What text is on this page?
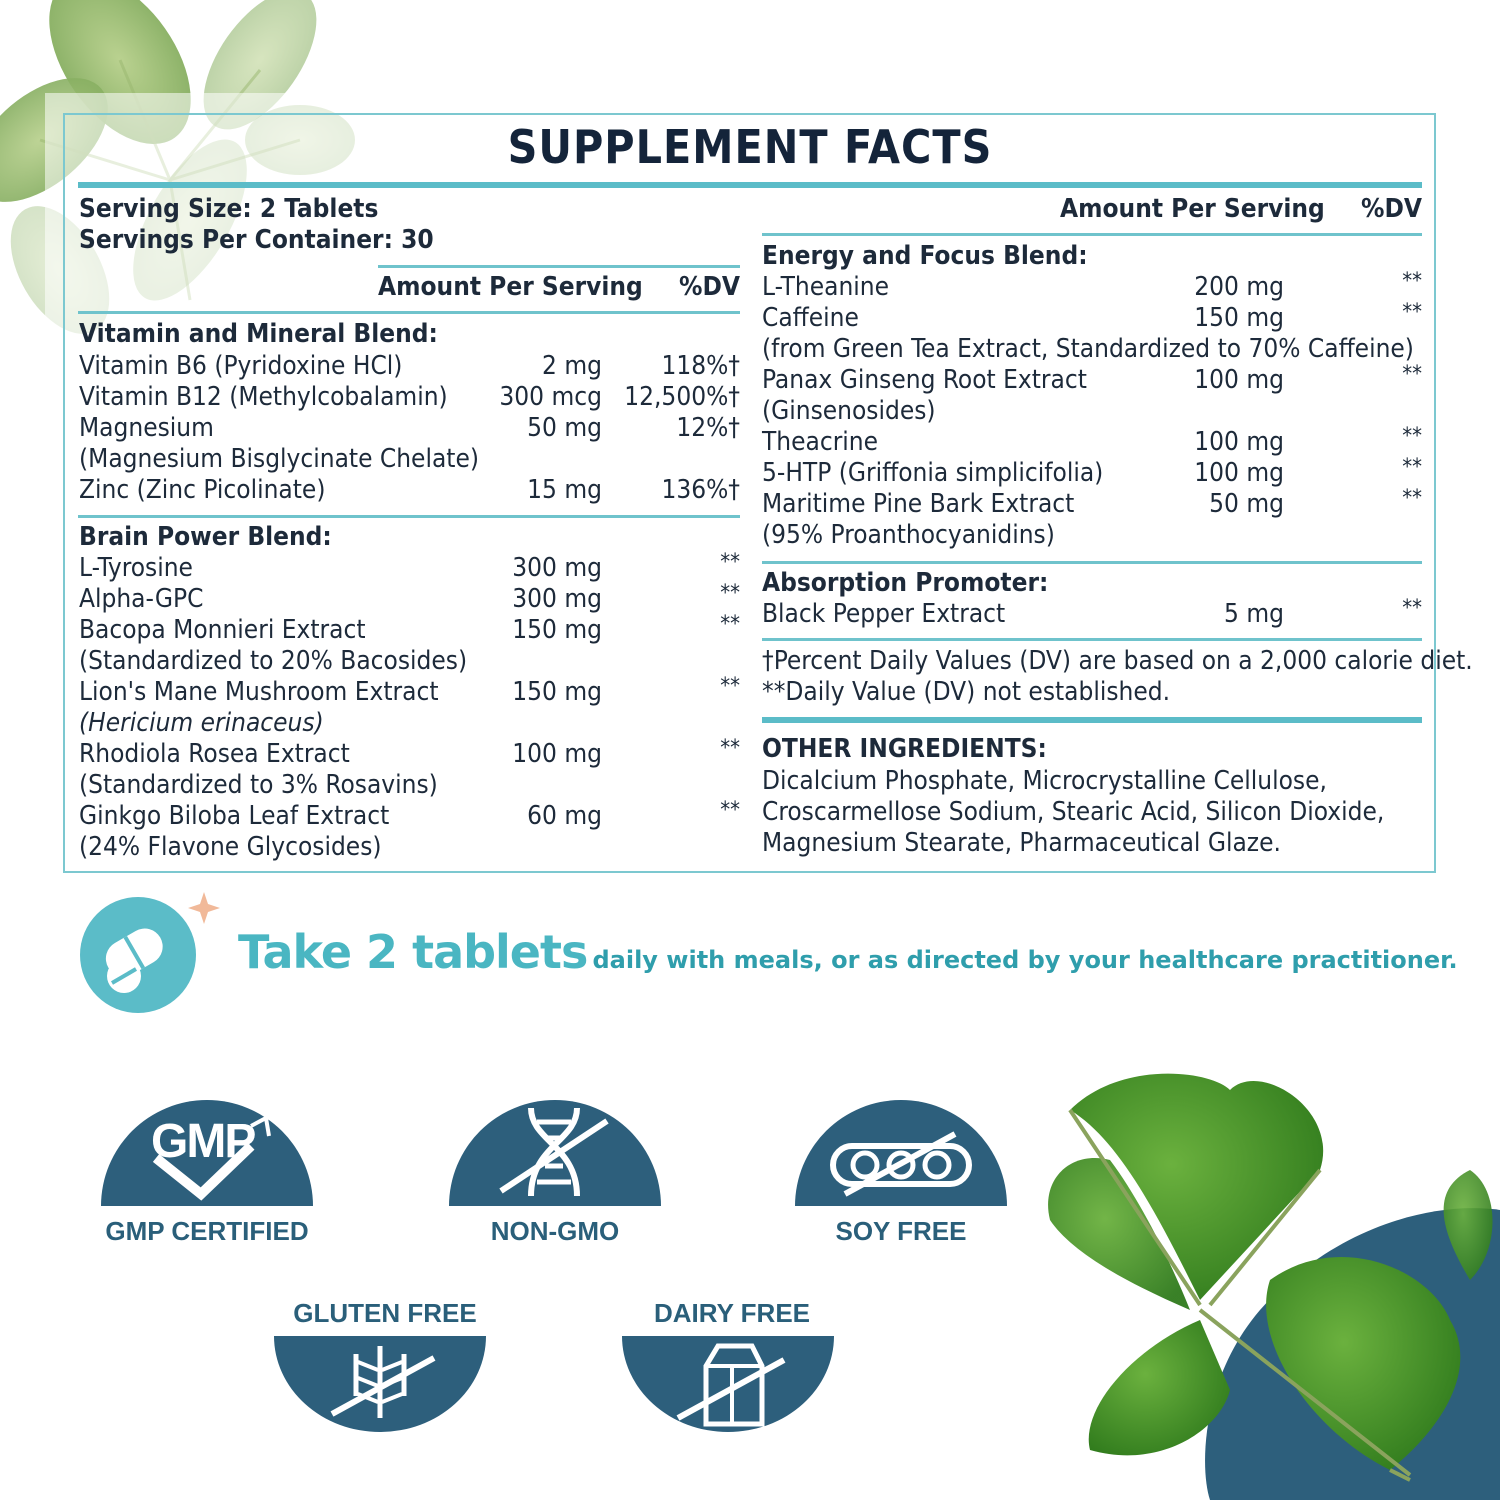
SUPPLEMENT FACTS
Serving Size: 2 Tablets
Servings Per Container: 30
Amount Per Serving	%DV
Vitamin and Mineral Blend:
Vitamin B6 (Pyridoxine HCl)	2 mg	118%†
Vitamin B12 (Methylcobalamin)	300 mcg 12,500%†
Magnesium	50 mg	12%†
(Magnesium Bisglycinate Chelate)
Zinc (Zinc Picolinate)	15 mg	136%†
Brain Power Blend:
L-Tyrosine	300 mg	**
Alpha-GPC	300 mg	**
Bacopa Monnieri Extract	150 mg	**
(Standardized to 20% Bacosides)
Lion's Mane Mushroom Extract	150 mg	**
(Hericium erinaceus)
Rhodiola Rosea Extract	100 mg	**
(Standardized to 3% Rosavins)
Ginkgo Biloba Leaf Extract	60 mg	**
(24% Flavone Glycosides)
Amount Per Serving	%DV
Energy and Focus Blend:
L-Theanine	200 mg	**
Caffeine	150 mg	**
(from Green Tea Extract, Standardized to 70% Caffeine)
Panax Ginseng Root Extract	100 mg	**
(Ginsenosides)
Theacrine	100 mg	**
5-HTP (Griffonia simplicifolia)	100 mg	**
Maritime Pine Bark Extract	50 mg	**
(95% Proanthocyanidins)
Absorption Promoter:
Black Pepper Extract	5 mg	**
†Percent Daily Values (DV) are based on a 2,000 calorie diet.
**Daily Value (DV) not established.
OTHER INGREDIENTS:
Dicalcium Phosphate, Microcrystalline Cellulose,
Croscarmellose Sodium, Stearic Acid, Silicon Dioxide,
Magnesium Stearate, Pharmaceutical Glaze.
Take 2 tablets daily with meals, or as directed by your healthcare practitioner.
GMP
GMP CERTIFIED	NON-GMO	SOY FREE
GLUTEN FREE	DAIRY FREE
